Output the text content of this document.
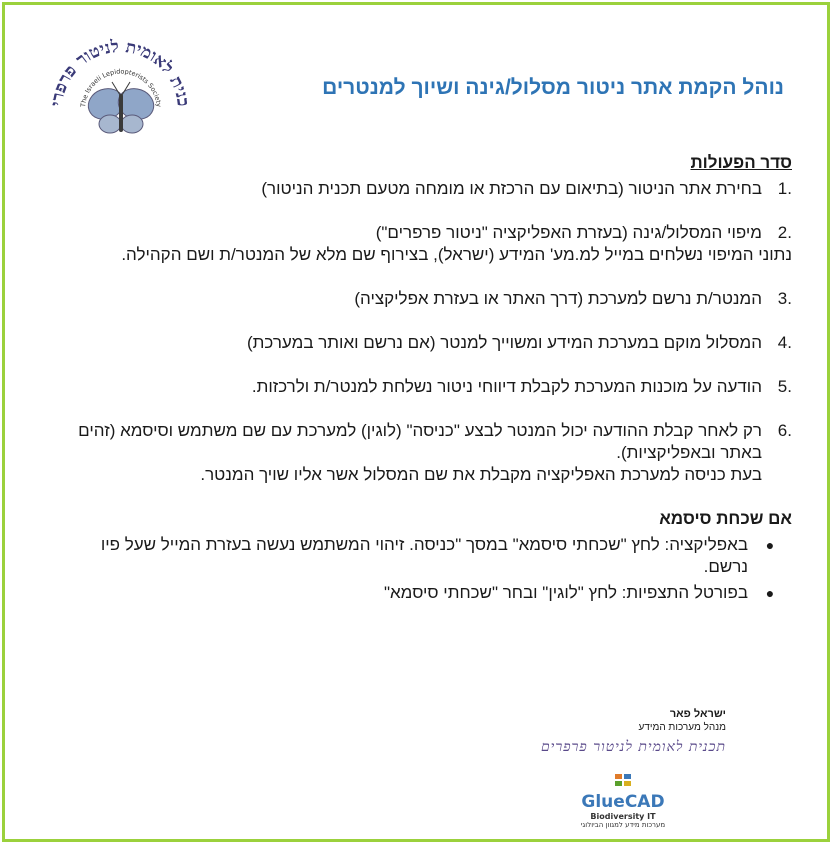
כנית לאומית לניטור פרפרי	The Israeli Lepidopterists Society
נוהל הקמת אתר ניטור מסלול/גינה ושיוך למנטרים
סדר הפעולות
.1
בחירת אתר הניטור (בתיאום עם הרכזת או מומחה מטעם תכנית הניטור)
.2
מיפוי המסלול/גינה (בעזרת האפליקציה "ניטור פרפרים")
נתוני המיפוי נשלחים במייל למ.מע' המידע (ישראל), בצירוף שם מלא של המנטר/ת ושם הקהילה.
.3
המנטר/ת נרשם למערכת (דרך האתר או בעזרת אפליקציה)
.4
המסלול מוקם במערכת המידע ומשוייך למנטר (אם נרשם ואותר במערכת)
.5
הודעה על מוכנות המערכת לקבלת דיווחי ניטור נשלחת למנטר/ת ולרכזות.
.6
רק לאחר קבלת ההודעה יכול המנטר לבצע "כניסה" (לוגין) למערכת עם שם משתמש וסיסמא (זהים באתר ובאפליקציות).
בעת כניסה למערכת האפליקציה מקבלת את שם המסלול אשר אליו שויך המנטר.
אם שכחת סיסמא
●
באפליקציה: לחץ "שכחתי סיסמא" במסך "כניסה. זיהוי המשתמש נעשה בעזרת המייל שעל פיו נרשם.
●
בפורטל התצפיות: לחץ "לוגין" ובחר "שכחתי סיסמא"
ישראל פאר
מנהל מערכות המידע
תכנית לאומית לניטור פרפרים
GlueCAD
Biodiversity IT
מערכות מידע למגוון הביולוגי
